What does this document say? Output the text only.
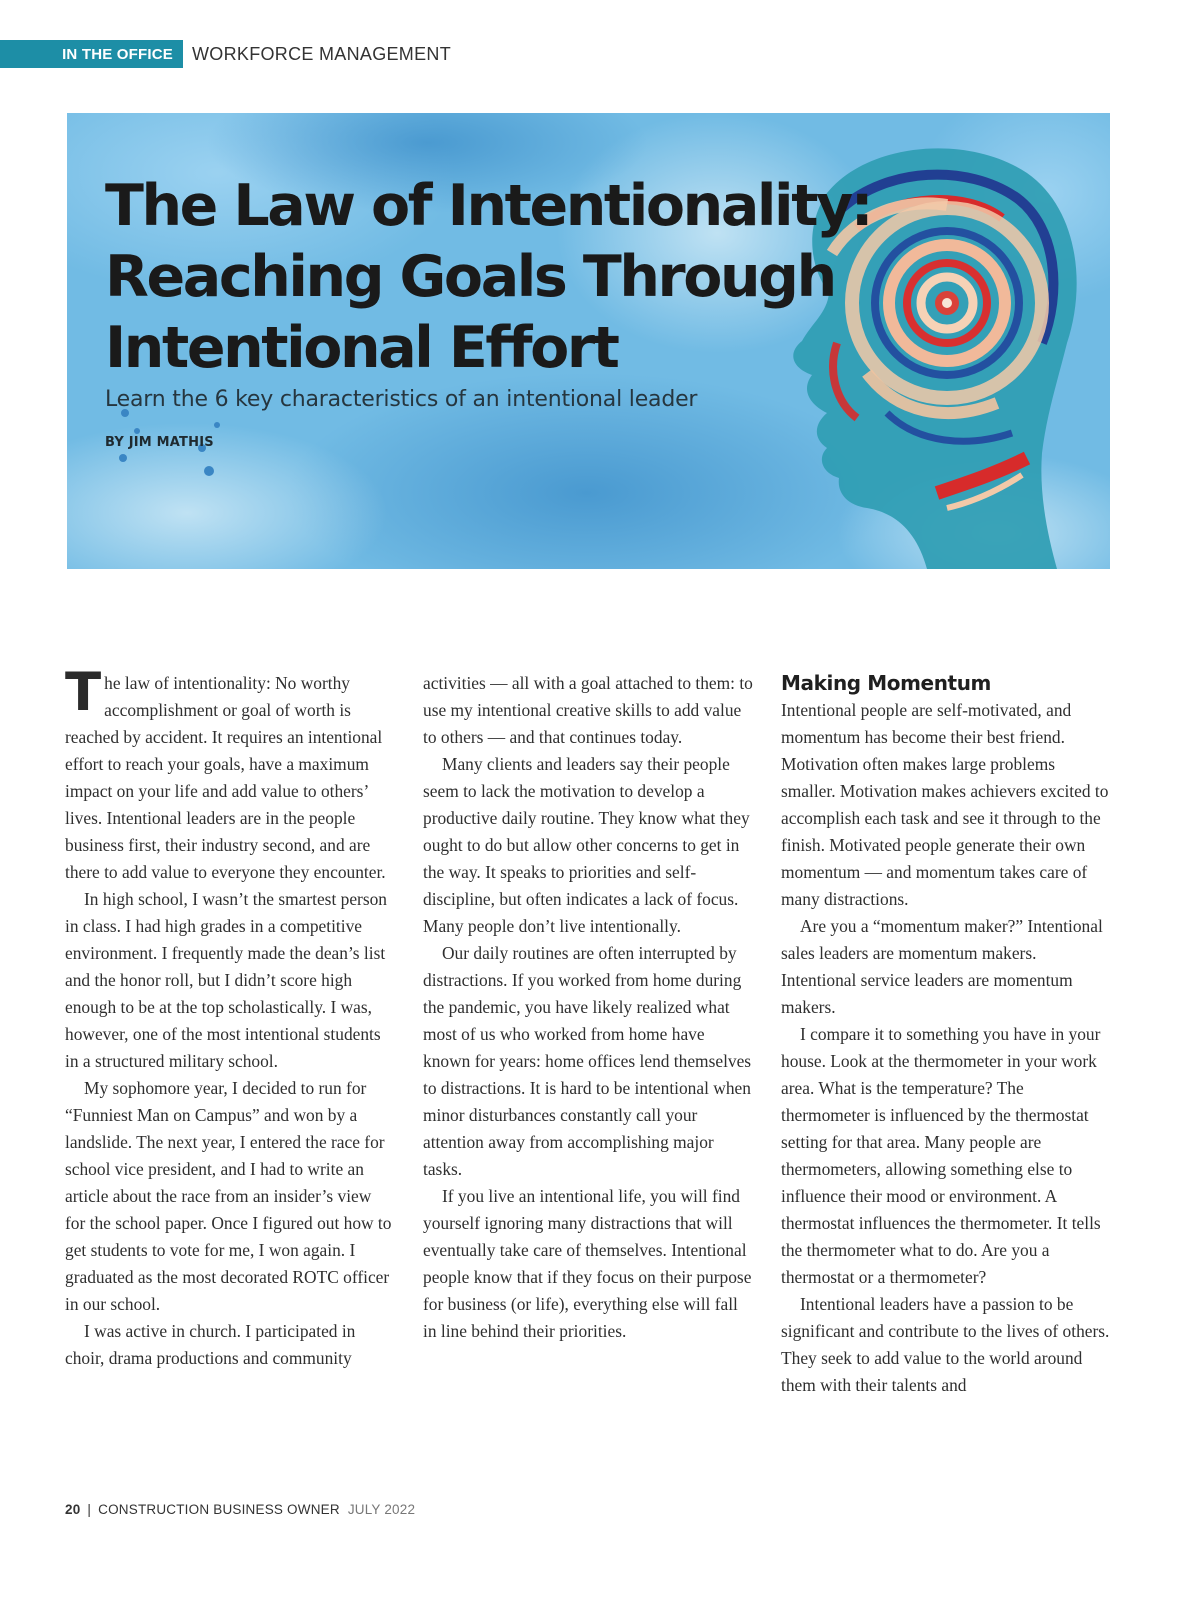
IN THE OFFICE WORKFORCE MANAGEMENT
The Law of Intentionality:
Reaching Goals Through
Intentional Effort
Learn the 6 key characteristics of an intentional leader
BY JIM MATHIS

The law of intentionality: No worthy accomplishment or goal of worth is reached by accident. It requires an intentional effort to reach your goals, have a maximum impact on your life and add value to others’ lives. Intentional leaders are in the people business first, their industry second, and are there to add value to everyone they encounter.

In high school, I wasn’t the smartest person in class. I had high grades in a competitive environment. I frequently made the dean’s list and the honor roll, but I didn’t score high enough to be at the top scholastically. I was, however, one of the most intentional students in a structured military school.

My sophomore year, I decided to run for “Funniest Man on Campus” and won by a landslide. The next year, I entered the race for school vice president, and I had to write an article about the race from an insider’s view for the school paper. Once I figured out how to get students to vote for me, I won again. I graduated as the most decorated ROTC officer in our school.

I was active in church. I participated in choir, drama productions and community

activities — all with a goal attached to them: to use my intentional creative skills to add value to others — and that continues today.

Many clients and leaders say their people seem to lack the motivation to develop a productive daily routine. They know what they ought to do but allow other concerns to get in the way. It speaks to priorities and self-discipline, but often indicates a lack of focus. Many people don’t live intentionally.

Our daily routines are often interrupted by distractions. If you worked from home during the pandemic, you have likely realized what most of us who worked from home have known for years: home offices lend themselves to distractions. It is hard to be intentional when minor disturbances constantly call your attention away from accomplishing major tasks.

If you live an intentional life, you will find yourself ignoring many distractions that will eventually take care of themselves. Intentional people know that if they focus on their purpose for business (or life), everything else will fall in line behind their priorities.

Making Momentum

Intentional people are self-motivated, and momentum has become their best friend. Motivation often makes large problems smaller. Motivation makes achievers excited to accomplish each task and see it through to the finish. Motivated people generate their own momentum — and momentum takes care of many distractions.

Are you a “momentum maker?” Intentional sales leaders are momentum makers. Intentional service leaders are momentum makers.

I compare it to something you have in your house. Look at the thermometer in your work area. What is the temperature? The thermometer is influenced by the thermostat setting for that area. Many people are thermometers, allowing something else to influence their mood or environment. A thermostat influences the thermometer. It tells the thermometer what to do. Are you a thermostat or a thermometer?

Intentional leaders have a passion to be significant and contribute to the lives of others. They seek to add value to the world around them with their talents and

20 | CONSTRUCTION BUSINESS OWNER JULY 2022
